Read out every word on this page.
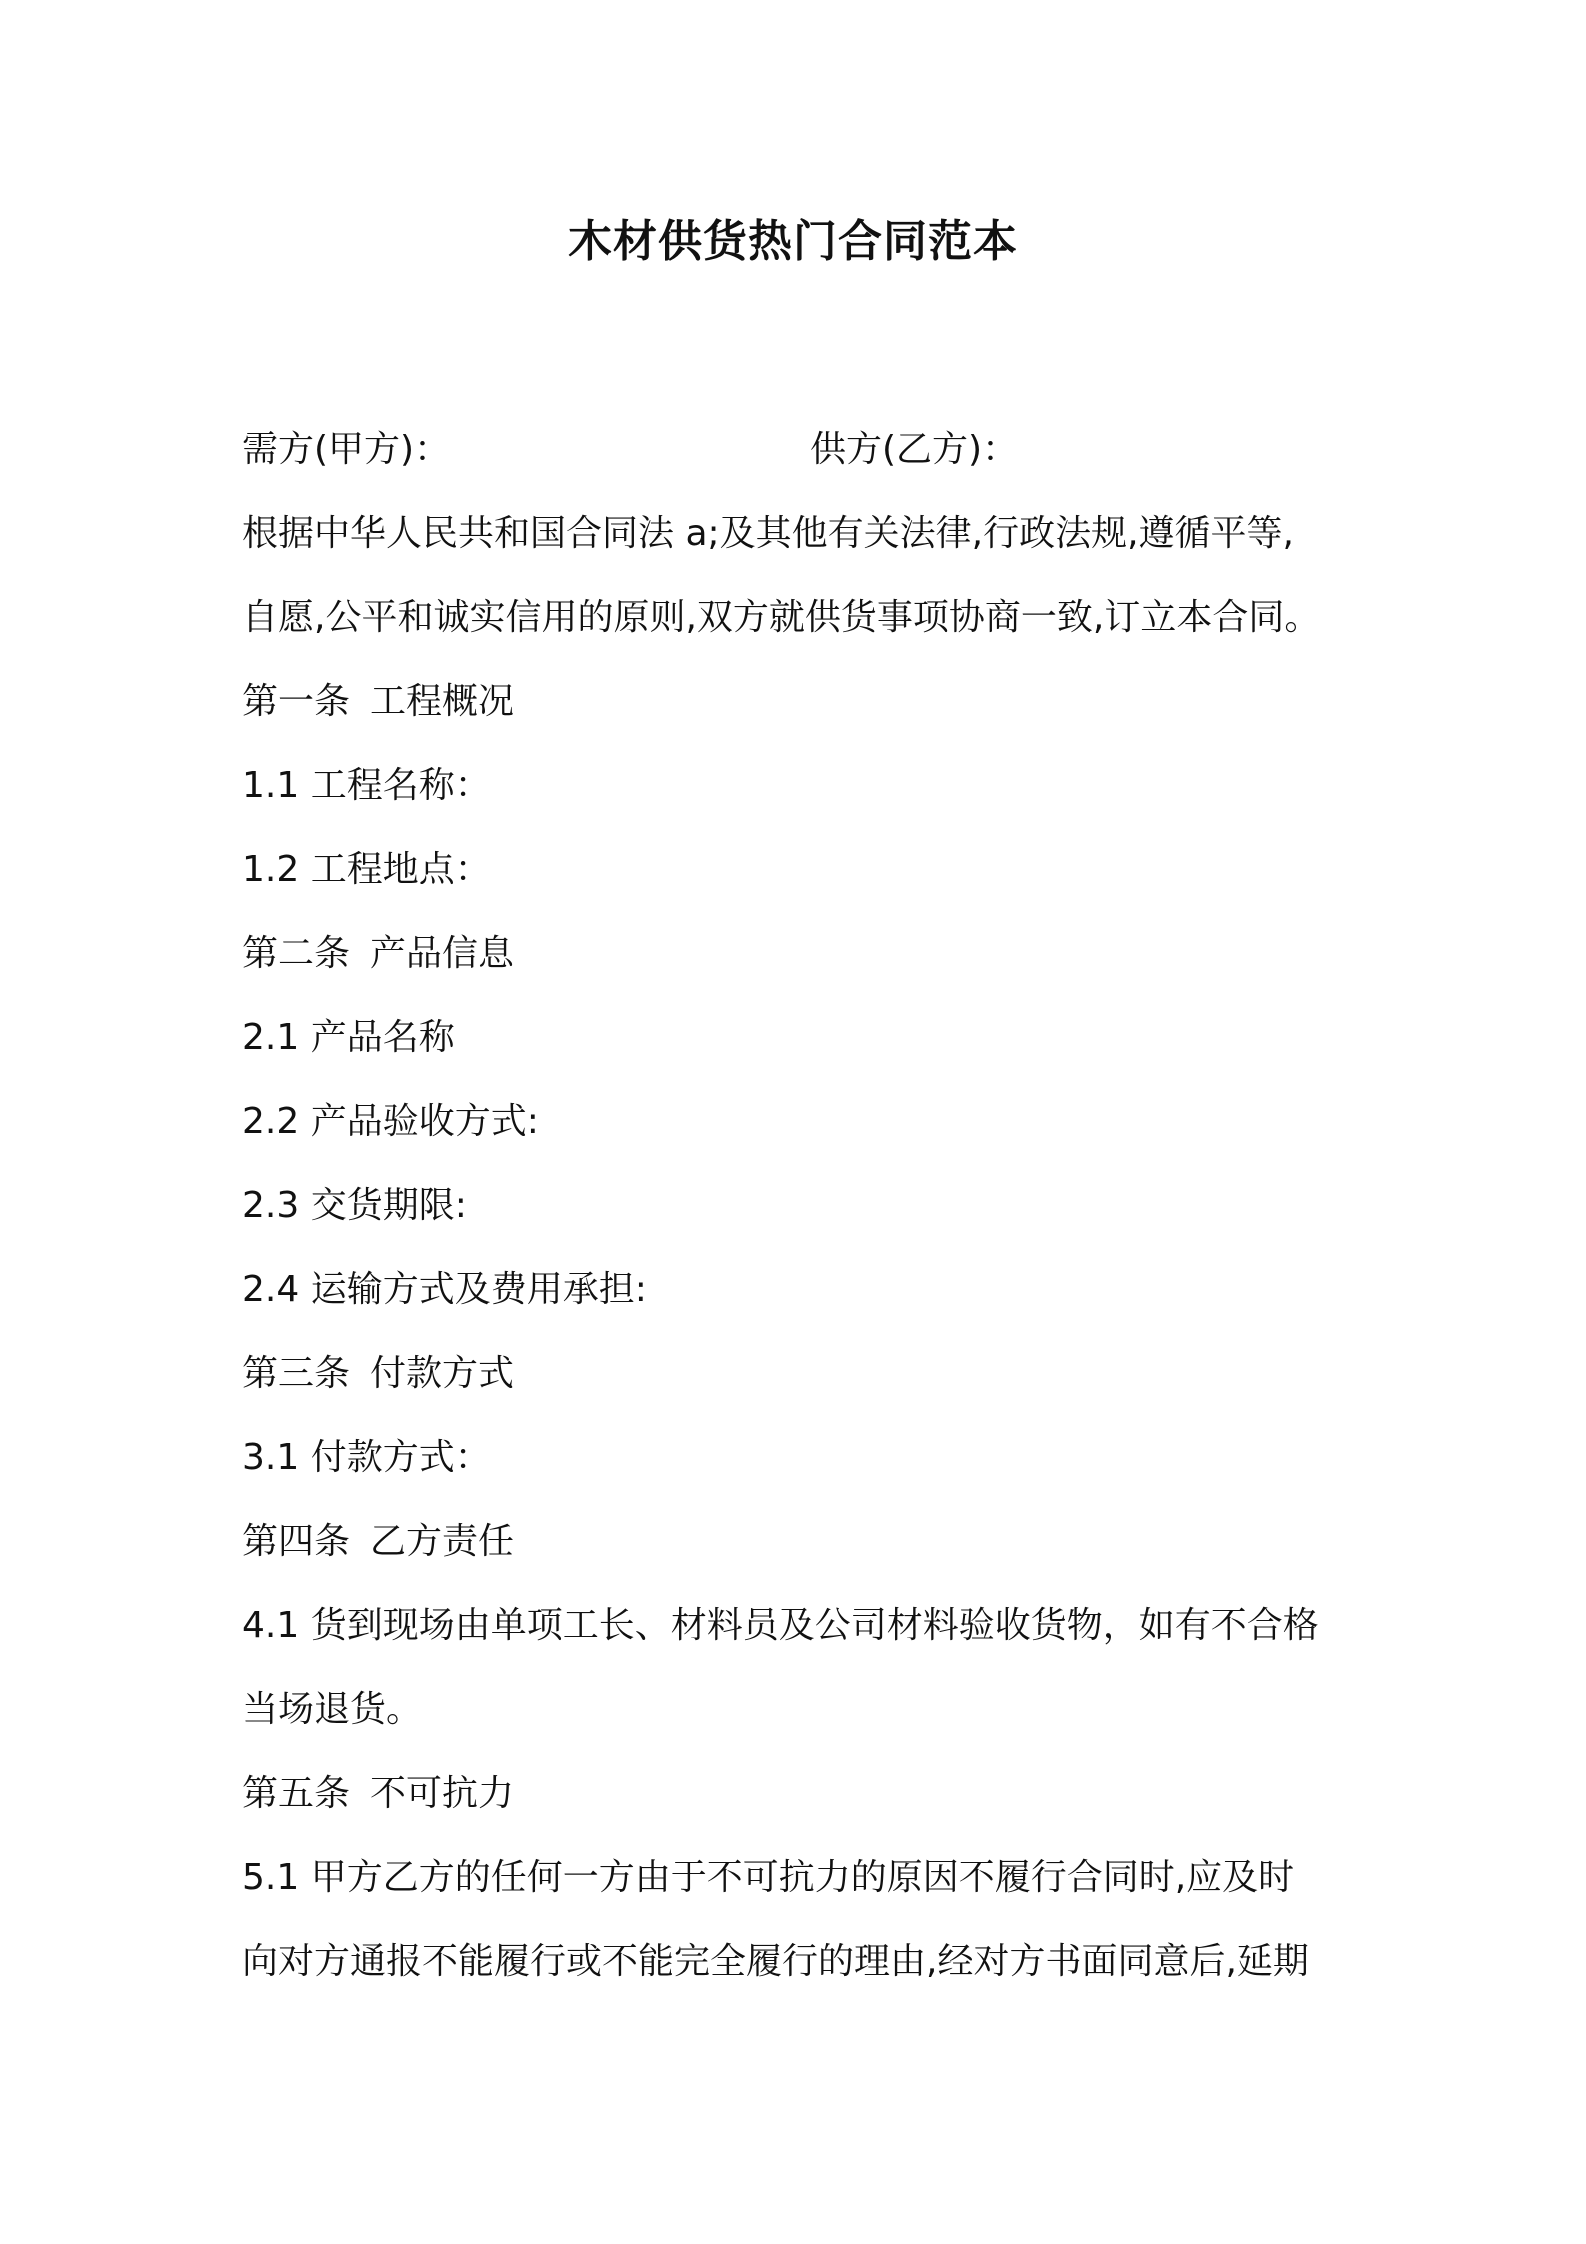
木材供货热门合同范本
需方(甲方)：	供方(乙方)：

根据中华人民共和国合同法 a;及其他有关法律,行政法规,遵循平等,

自愿,公平和诚实信用的原则,双方就供货事项协商一致,订立本合同。

第一条 工程概况

1.1 工程名称：

1.2 工程地点：

第二条 产品信息

2.1 产品名称

2.2 产品验收方式:

2.3 交货期限:

2.4 运输方式及费用承担:

第三条 付款方式

3.1 付款方式：

第四条 乙方责任

4.1 货到现场由单项工长、材料员及公司材料验收货物，如有不合格

当场退货。

第五条 不可抗力

5.1 甲方乙方的任何一方由于不可抗力的原因不履行合同时,应及时

向对方通报不能履行或不能完全履行的理由,经对方书面同意后,延期
